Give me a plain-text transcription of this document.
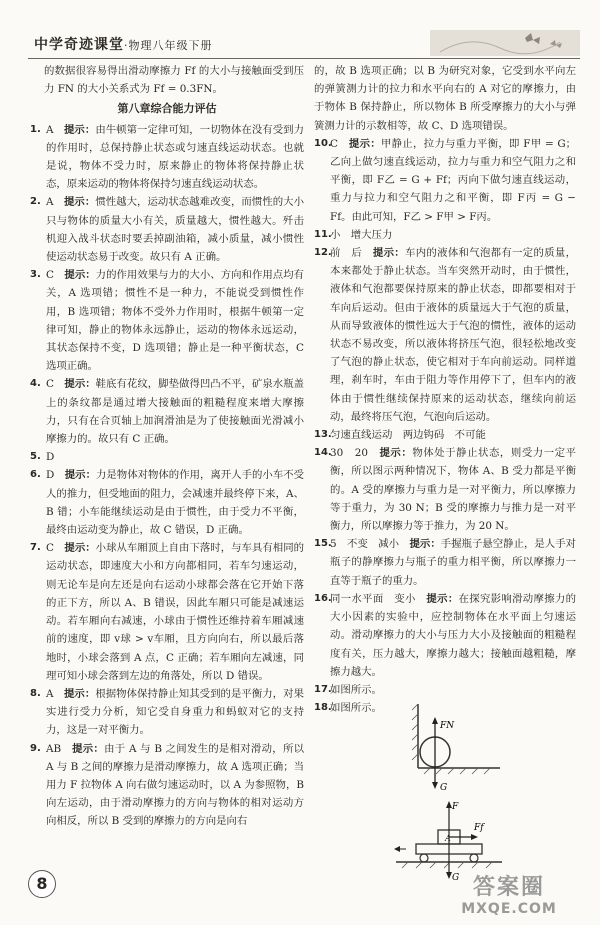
中学奇迹课堂·物理八年级下册

的数据很容易得出滑动摩擦力 Ff 的大小与接触面受到压力 FN 的大小关系式为 Ff = 0.3FN。

第八章综合能力评估

1. A　 提示：由牛顿第一定律可知，一切物体在没有受到力的作用时，总保持静止状态或匀速直线运动状态。也就是说，物体不受力时，原来静止的物体将保持静止状态，原来运动的物体将保持匀速直线运动状态。

2. A　 提示：惯性越大，运动状态越难改变，而惯性的大小只与物体的质量大小有关，质量越大，惯性越大。歼击机迎入战斗状态时要丢掉副油箱，减小质量，减小惯性使运动状态易于改变。故只有 A 正确。

3. C　 提示：力的作用效果与力的大小、方向和作用点均有关，A 选项错；惯性不是一种力，不能说受到惯性作用，B 选项错；物体不受外力作用时，根据牛顿第一定律可知，静止的物体永远静止，运动的物体永远运动，其状态保持不变，D 选项错；静止是一种平衡状态，C 选项正确。

4. C　 提示：鞋底有花纹，脚垫做得凹凸不平，矿泉水瓶盖上的条纹都是通过增大接触面的粗糙程度来增大摩擦力，只有在合页轴上加润滑油是为了使接触面光滑减小摩擦力的。故只有 C 正确。

5. D

6. D　 提示：力是物体对物体的作用，离开人手的小车不受人的推力，但受地面的阻力，会减速并最终停下来，A、B 错；小车能继续运动是由于惯性，由于受力不平衡，最终由运动变为静止，故 C 错误，D 正确。

7. C　 提示：小球从车厢顶上自由下落时，与车具有相同的运动状态，即速度大小和方向都相同，若车匀速运动，则无论车是向左还是向右运动小球都会落在它开始下落的正下方，所以 A、B 错误，因此车厢只可能是减速运动。若车厢向右减速，小球由于惯性还维持着车厢减速前的速度，即 v球 > v车厢，且方向向右，所以最后落地时，小球会落到 A 点，C 正确；若车厢向左减速，同理可知小球会落到左边的角落处，所以 D 错误。

8. A　 提示：根据物体保持静止知其受到的是平衡力，对果实进行受力分析，知它受自身重力和蚂蚁对它的支持力，这是一对平衡力。

9. AB　 提示：由于 A 与 B 之间发生的是相对滑动，所以 A 与 B 之间的摩擦力是滑动摩擦力，故 A 选项正确；当用力 F 拉物体 A 向右做匀速运动时，以 A 为参照物，B 向左运动，由于滑动摩擦力的方向与物体的相对运动方向相反，所以 B 受到的摩擦力的方向是向右

的，故 B 选项正确；以 B 为研究对象，它受到水平向左的弹簧测力计的拉力和水平向右的 A 对它的摩擦力，由于物体 B 保持静止，所以物体 B 所受摩擦力的大小与弹簧测力计的示数相等，故 C、D 选项错误。

10.
C　 提示：甲静止，拉力与重力平衡，即 F甲 = G；乙向上做匀速直线运动，拉力与重力和空气阻力之和平衡，即 F乙 = G + Ff；丙向下做匀速直线运动，重力与拉力和空气阻力之和平衡，即 F丙 = G − Ff。由此可知，F乙 > F甲 > F丙。

11.
小　增大压力

12.
前　后　 提示：车内的液体和气泡都有一定的质量，本来都处于静止状态。当车突然开动时，由于惯性，液体和气泡都要保持原来的静止状态，即都要相对于车向后运动。但由于液体的质量远大于气泡的质量，从而导致液体的惯性远大于气泡的惯性，液体的运动状态不易改变，所以液体将挤压气泡，很轻松地改变了气泡的静止状态，使它相对于车向前运动。同样道理，刹车时，车由于阻力等作用停下了，但车内的液体由于惯性继续保持原来的运动状态，继续向前运动，最终将压气泡，气泡向后运动。

13.
匀速直线运动　两边钩码　不可能

14.
30　20　 提示：物体处于静止状态，则受力一定平衡，所以图示两种情况下，物体 A、B 受力都是平衡的。A 受的摩擦力与重力是一对平衡力，所以摩擦力等于重力，为 30 N；B 受的摩擦力与推力是一对平衡力，所以摩擦力等于推力，为 20 N。

15.
5　不变　减小　 提示：手握瓶子悬空静止，是人手对瓶子的静摩擦力与瓶子的重力相平衡，所以摩擦力一直等于瓶子的重力。

16.
同一水平面　变小　 提示：在探究影响滑动摩擦力的大小因素的实验中，应控制物体在水平面上匀速运动。滑动摩擦力的大小与压力大小及接触面的粗糙程度有关，压力越大，摩擦力越大；接触面越粗糙，摩擦力越大。

17.
如图所示。

18.
如图所示。

FN
G
A
F
Ff
G
8	答案圈
MXQE.COM
